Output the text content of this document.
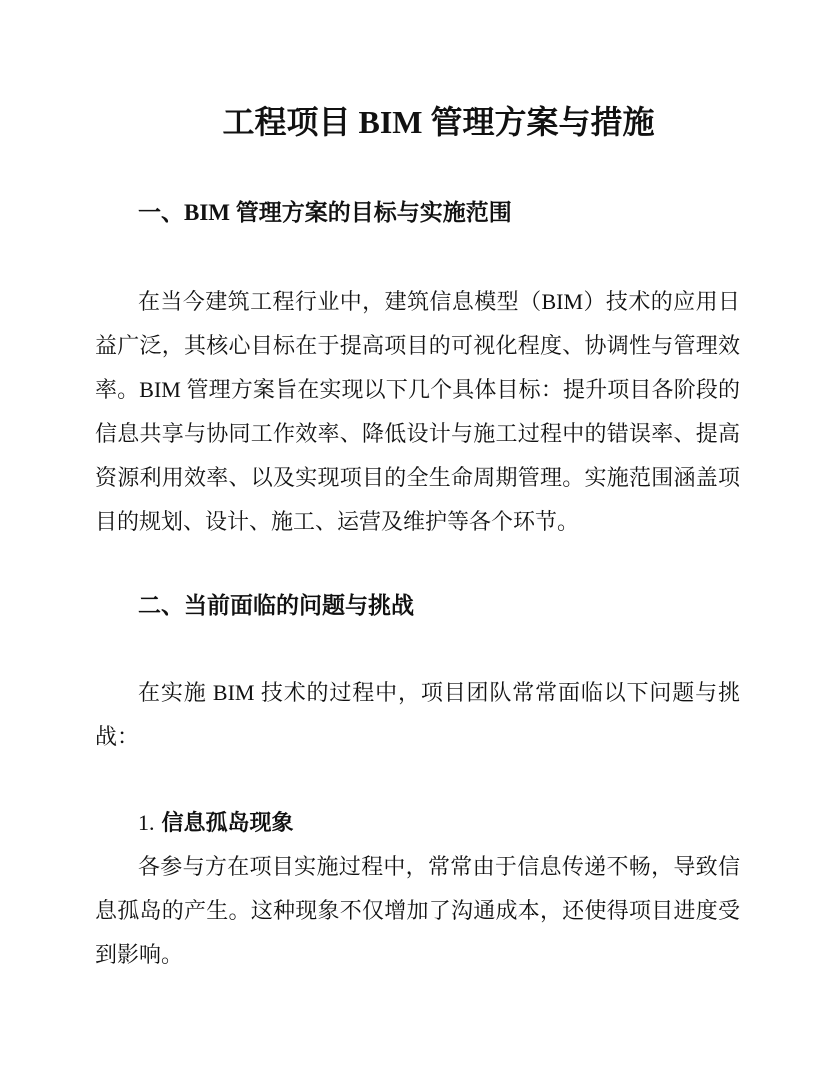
工程项目 BIM 管理方案与措施
一、BIM 管理方案的目标与实施范围
在当今建筑工程行业中，建筑信息模型（BIM）技术的应用日
益广泛，其核心目标在于提高项目的可视化程度、协调性与管理效
率。BIM 管理方案旨在实现以下几个具体目标：提升项目各阶段的
信息共享与协同工作效率、降低设计与施工过程中的错误率、提高
资源利用效率、以及实现项目的全生命周期管理。实施范围涵盖项
目的规划、设计、施工、运营及维护等各个环节。
二、当前面临的问题与挑战
在实施 BIM 技术的过程中，项目团队常常面临以下问题与挑
战：
1. 信息孤岛现象
各参与方在项目实施过程中，常常由于信息传递不畅，导致信
息孤岛的产生。这种现象不仅增加了沟通成本，还使得项目进度受
到影响。
